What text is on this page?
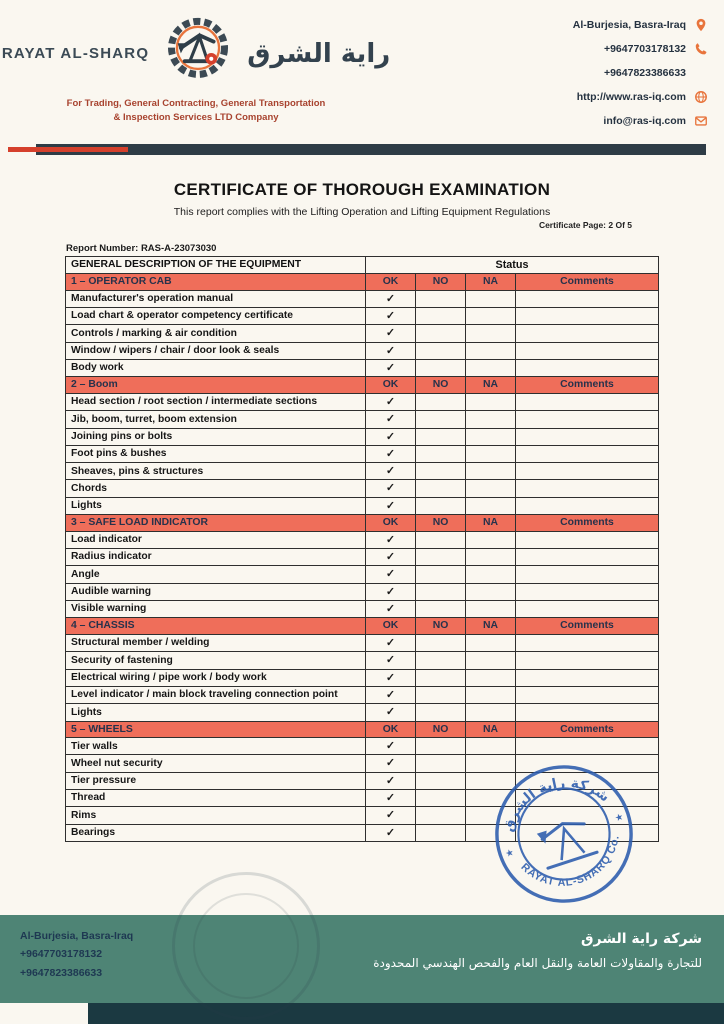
RAYAT AL-SHARQ	راية الشرق
For Trading, General Contracting, General Transportation
& Inspection Services LTD Company
Al-Burjesia, Basra-Iraq
+9647703178132
+9647823386633
http://www.ras-iq.com
info@ras-iq.com
CERTIFICATE OF THOROUGH EXAMINATION
This report complies with the Lifting Operation and Lifting Equipment Regulations
Certificate Page: 2 Of 5
Report Number: RAS-A-23073030
GENERAL DESCRIPTION OF THE EQUIPMENT	Status			
1 – OPERATOR CAB	OK	NO	NA	Comments
Manufacturer's operation manual	✓			
Load chart & operator competency certificate	✓			
Controls / marking & air condition	✓			
Window / wipers / chair / door look & seals	✓			
Body work	✓			
2 – Boom	OK	NO	NA	Comments
Head section / root section / intermediate sections	✓			
Jib, boom, turret, boom extension	✓			
Joining pins or bolts	✓			
Foot pins & bushes	✓			
Sheaves, pins & structures	✓			
Chords	✓			
Lights	✓			
3 – SAFE LOAD INDICATOR	OK	NO	NA	Comments
Load indicator	✓			
Radius indicator	✓			
Angle	✓			
Audible warning	✓			
Visible warning	✓			
4 – CHASSIS	OK	NO	NA	Comments
Structural member / welding	✓			
Security of fastening	✓			
Electrical wiring / pipe work / body work	✓			
Level indicator / main block traveling connection point	✓			
Lights	✓			
5 – WHEELS	OK	NO	NA	Comments
Tier walls	✓			
Wheel nut security	✓			
Tier pressure	✓			
Thread	✓			
Rims	✓			
Bearings	✓				شركة راية الشرق
RAYAT AL-SHARQ Co.
★
★
Al-Burjesia, Basra-Iraq
+9647703178132
+9647823386633
شركة راية الشرق
للتجارة والمقاولات العامة والنقل العام والفحص الهندسي المحدودة
